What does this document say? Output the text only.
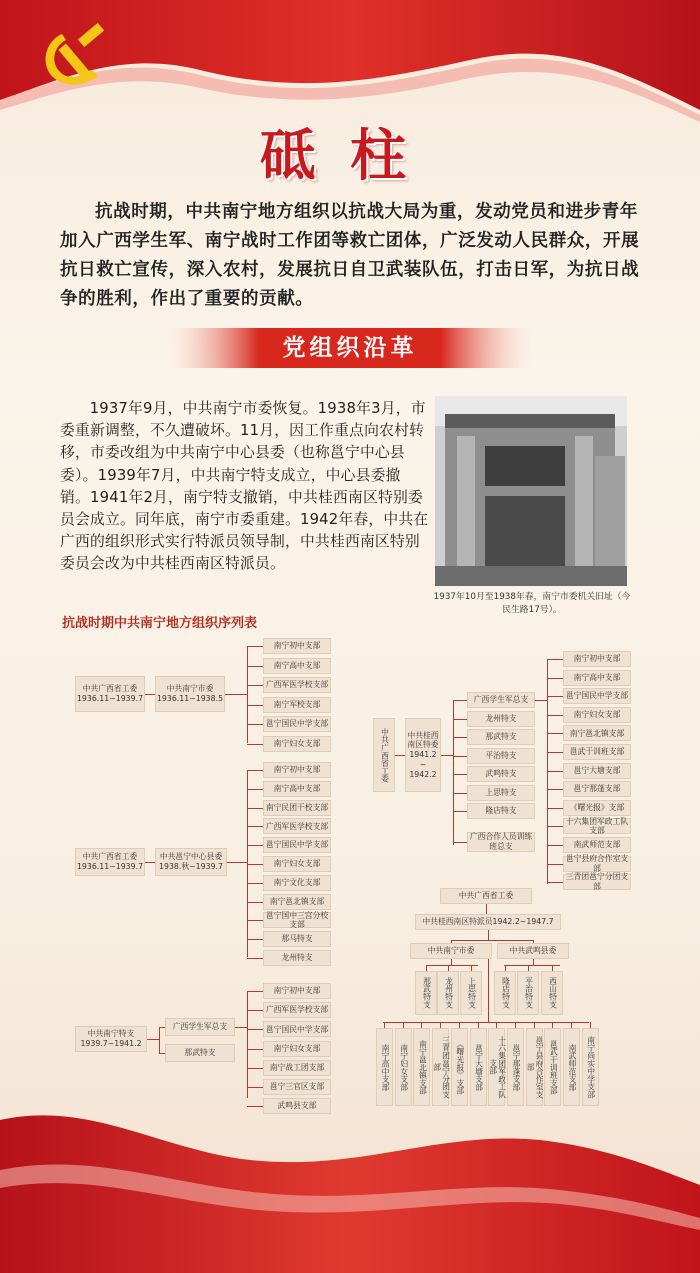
砥柱
抗战时期，中共南宁地方组织以抗战大局为重，发动党员和进步青年加入广西学生军、南宁战时工作团等救亡团体，广泛发动人民群众，开展抗日救亡宣传，深入农村，发展抗日自卫武装队伍，打击日军，为抗日战争的胜利，作出了重要的贡献。
党组织沿革
1937年9月，中共南宁市委恢复。1938年3月，市委重新调整，不久遭破坏。11月，因工作重点向农村转移，市委改组为中共南宁中心县委（也称邕宁中心县委）。1939年7月，中共南宁特支成立，中心县委撤销。1941年2月，南宁特支撤销，中共桂西南区特别委员会成立。同年底，南宁市委重建。1942年春，中共在广西的组织形式实行特派员领导制，中共桂西南区特别委员会改为中共桂西南区特派员。
1937年10月至1938年春，南宁市委机关旧址（今民生路17号）。
抗战时期中共南宁地方组织序列表
中共广西省工委
1936.11~1939.7
中共南宁市委
1936.11~1938.5
南宁初中支部
南宁高中支部
广西军医学校支部
南宁军校支部
邕宁国民中学支部
南宁妇女支部
中共广西省工委
1936.11~1939.7
中共邕宁中心县委
1938.秋~1939.7
南宁初中支部
南宁高中支部
南宁民团干校支部
广西军医学校支部
邕宁国民中学支部
南宁妇女支部
南宁文化支部
南宁邕北镇支部
邕宁国中三宫分校支部
那马特支
龙州特支
中共南宁特支
1939.7~1941.2
广西学生军总支
那武特支
南宁初中支部
广西军医学校支部
邕宁国民中学支部
南宁妇女支部
南宁战工团支部
邕宁三官区支部
武鸣县支部
中共广西省工委	中共桂西南区特委
1941.2
~
1942.2
广西学生军总支
龙州特支
那武特支
平治特支
武鸣特支
上思特支
隆店特支
广西合作人员训练班总支
南宁初中支部
南宁高中支部
邕宁国民中学支部
南宁妇女支部
南宁邕北镇支部
邕武干训班支部
邕宁大塘支部
邕宁那蓬支部
《曙光报》支部
十六集团军政工队支部
南武师范支部
邕宁县府合作室支部
三青团邕宁分团支部
中共广西省工委
中共桂西南区特派员1942.2~1947.7
中共南宁市委	中共武鸣县委
那武特支	龙州特支	上思特支	隆店特支	平治特支	西山特支
南宁高中支部	南宁妇女支部	南宁邕北镇支部	三青团邕宁分团支部	《曙光报》支部	邕宁大塘支部	十六集团军政工队支部	邕宁那蓬支部	邕宁县府合作室支部	邕武干训班支部	南武师范支部	南宁尚实中学支部
